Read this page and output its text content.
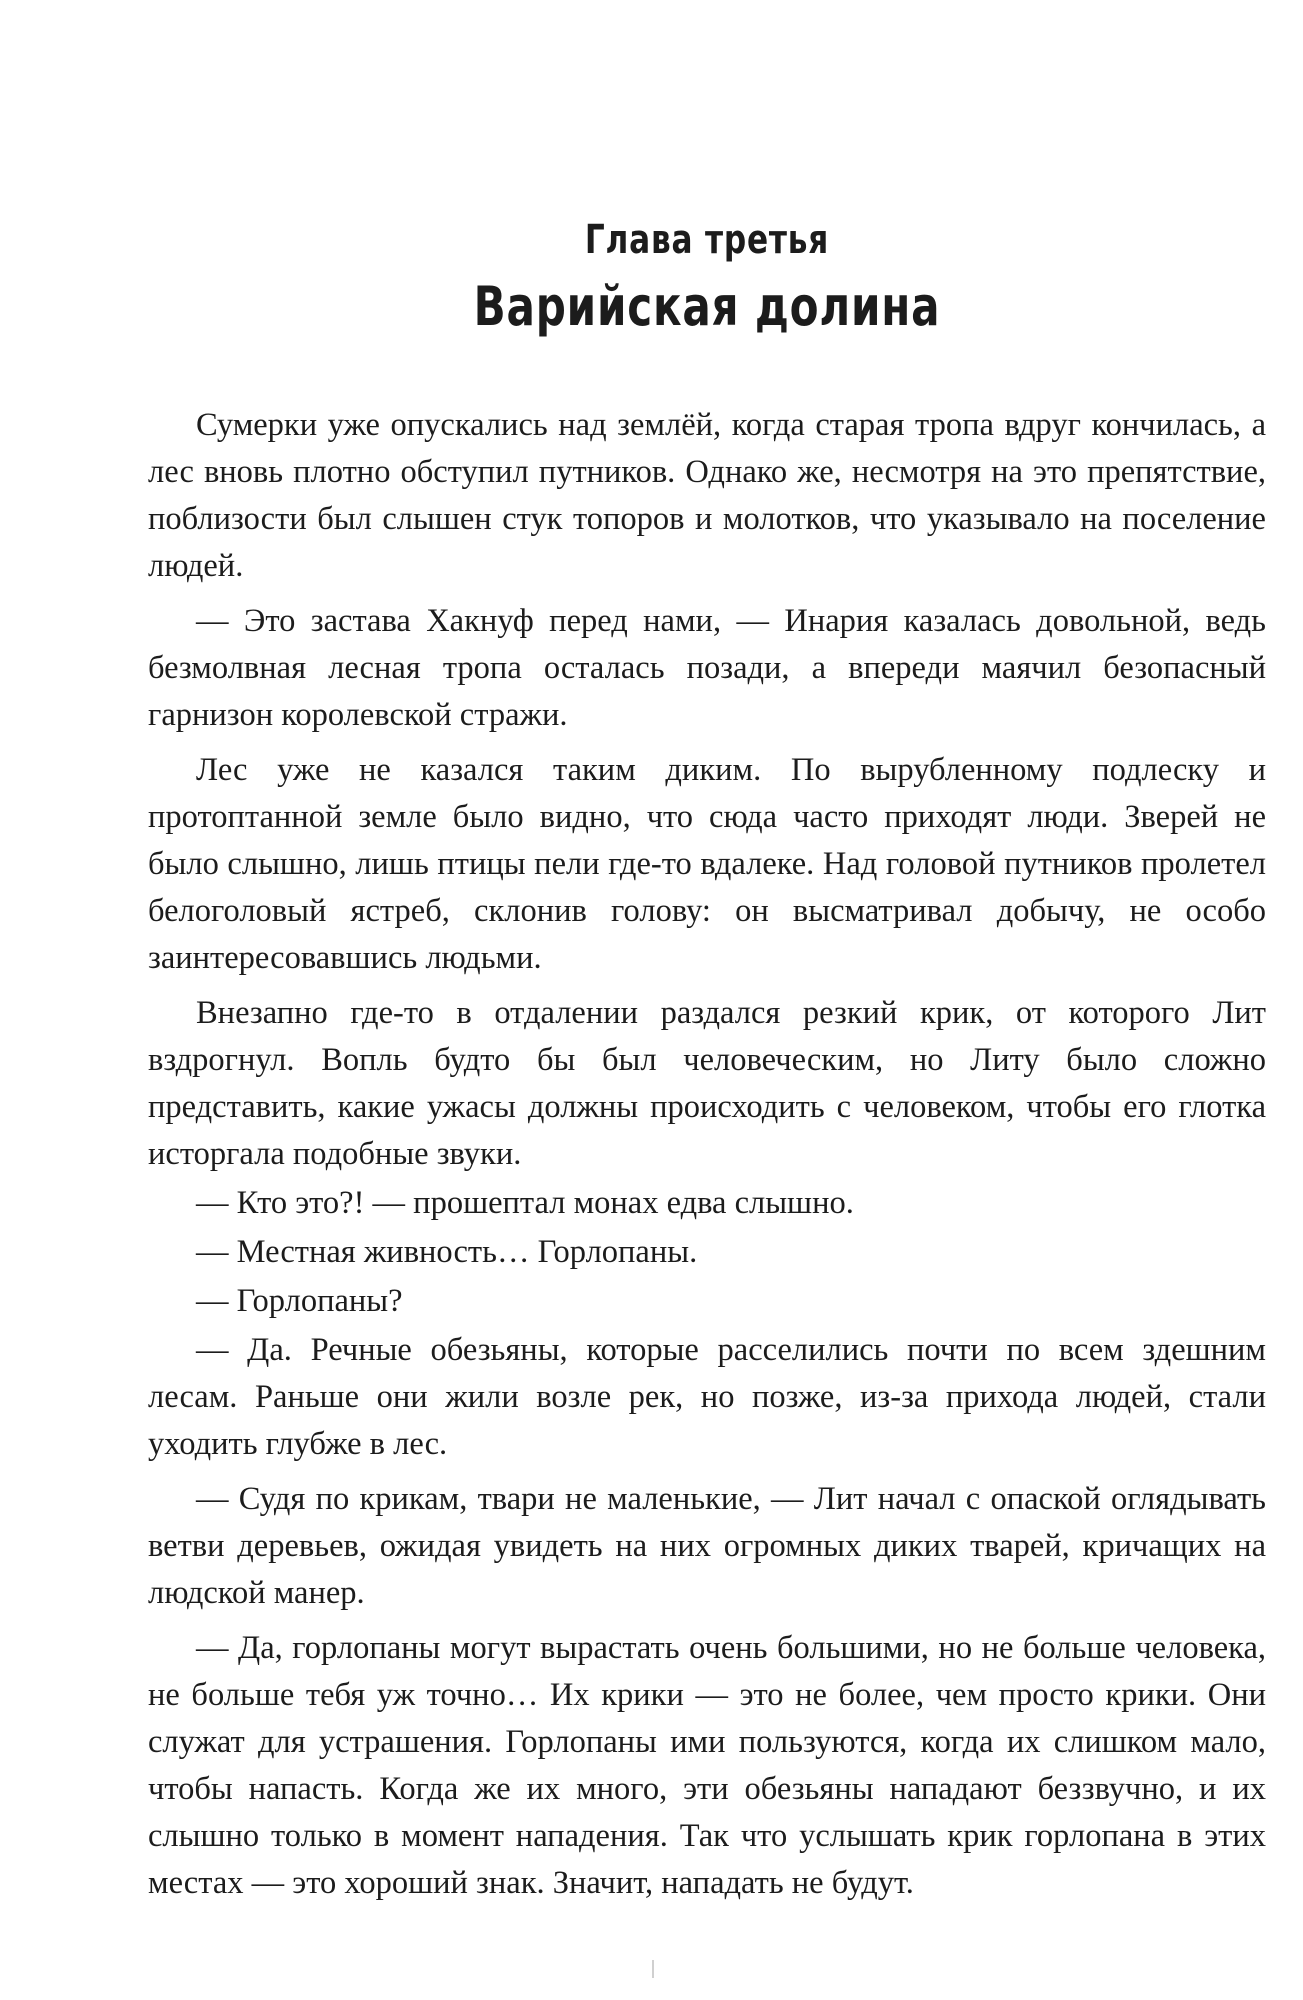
Глава третья
Варийская долина

Сумерки уже опускались над землёй, когда старая тропа вдруг кончилась, а лес вновь плотно обступил путников. Однако же, несмотря на это препятствие, поблизости был слышен стук топоров и молотков, что указывало на поселение людей.

— Это застава Хакнуф перед нами, — Инария казалась довольной, ведь безмолвная лесная тропа осталась позади, а впереди маячил безопасный гарнизон королевской стражи.

Лес уже не казался таким диким. По вырубленному подлеску и протоптанной земле было видно, что сюда часто приходят люди. Зверей не было слышно, лишь птицы пели где-то вдалеке. Над головой путников пролетел белоголовый ястреб, склонив голову: он высматривал добычу, не особо заинтересовавшись людьми.

Внезапно где-то в отдалении раздался резкий крик, от которого Лит вздрогнул. Вопль будто бы был человеческим, но Литу было сложно представить, какие ужасы должны происходить с человеком, чтобы его глотка исторгала подобные звуки.

— Кто это?! — прошептал монах едва слышно.

— Местная живность… Горлопаны.

— Горлопаны?

— Да. Речные обезьяны, которые расселились почти по всем здешним лесам. Раньше они жили возле рек, но позже, из-за прихода людей, стали уходить глубже в лес.

— Судя по крикам, твари не маленькие, — Лит начал с опаской оглядывать ветви деревьев, ожидая увидеть на них огромных диких тварей, кричащих на людской манер.

— Да, горлопаны могут вырастать очень большими, но не больше человека, не больше тебя уж точно… Их крики — это не более, чем просто крики. Они служат для устрашения. Горлопаны ими пользуются, когда их слишком мало, чтобы напасть. Когда же их много, эти обезьяны нападают беззвучно, и их слышно только в момент нападения. Так что услышать крик горлопана в этих местах — это хороший знак. Значит, нападать не будут.
